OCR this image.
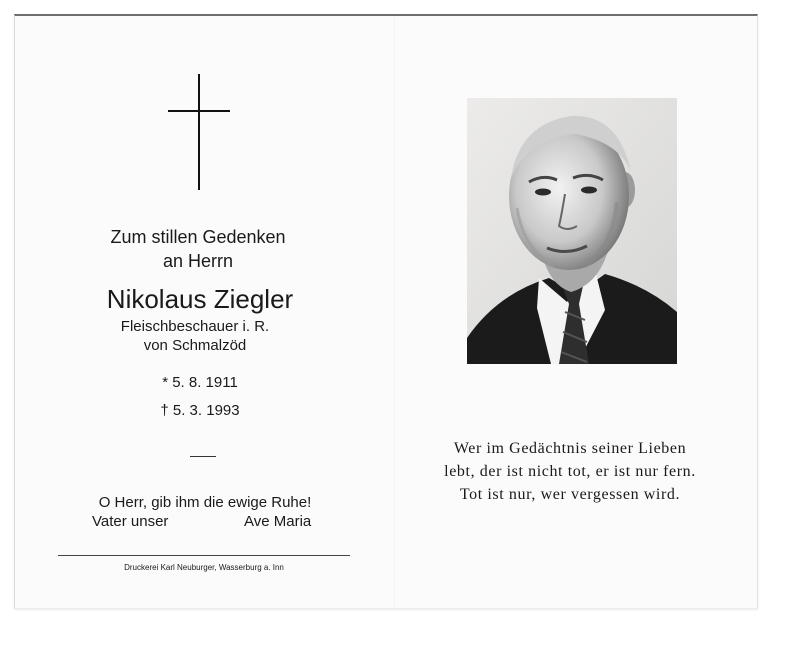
Zum stillen Gedenken
an Herrn
Nikolaus Ziegler
Fleischbeschauer i. R.
von Schmalzöd
* 5. 8. 1911
† 5. 3. 1993
O Herr, gib ihm die ewige Ruhe!
Vater unser	Ave Maria
Druckerei Karl Neuburger, Wasserburg a. Inn
Wer im Gedächtnis seiner Lieben
lebt, der ist nicht tot, er ist nur fern.
Tot ist nur, wer vergessen wird.
